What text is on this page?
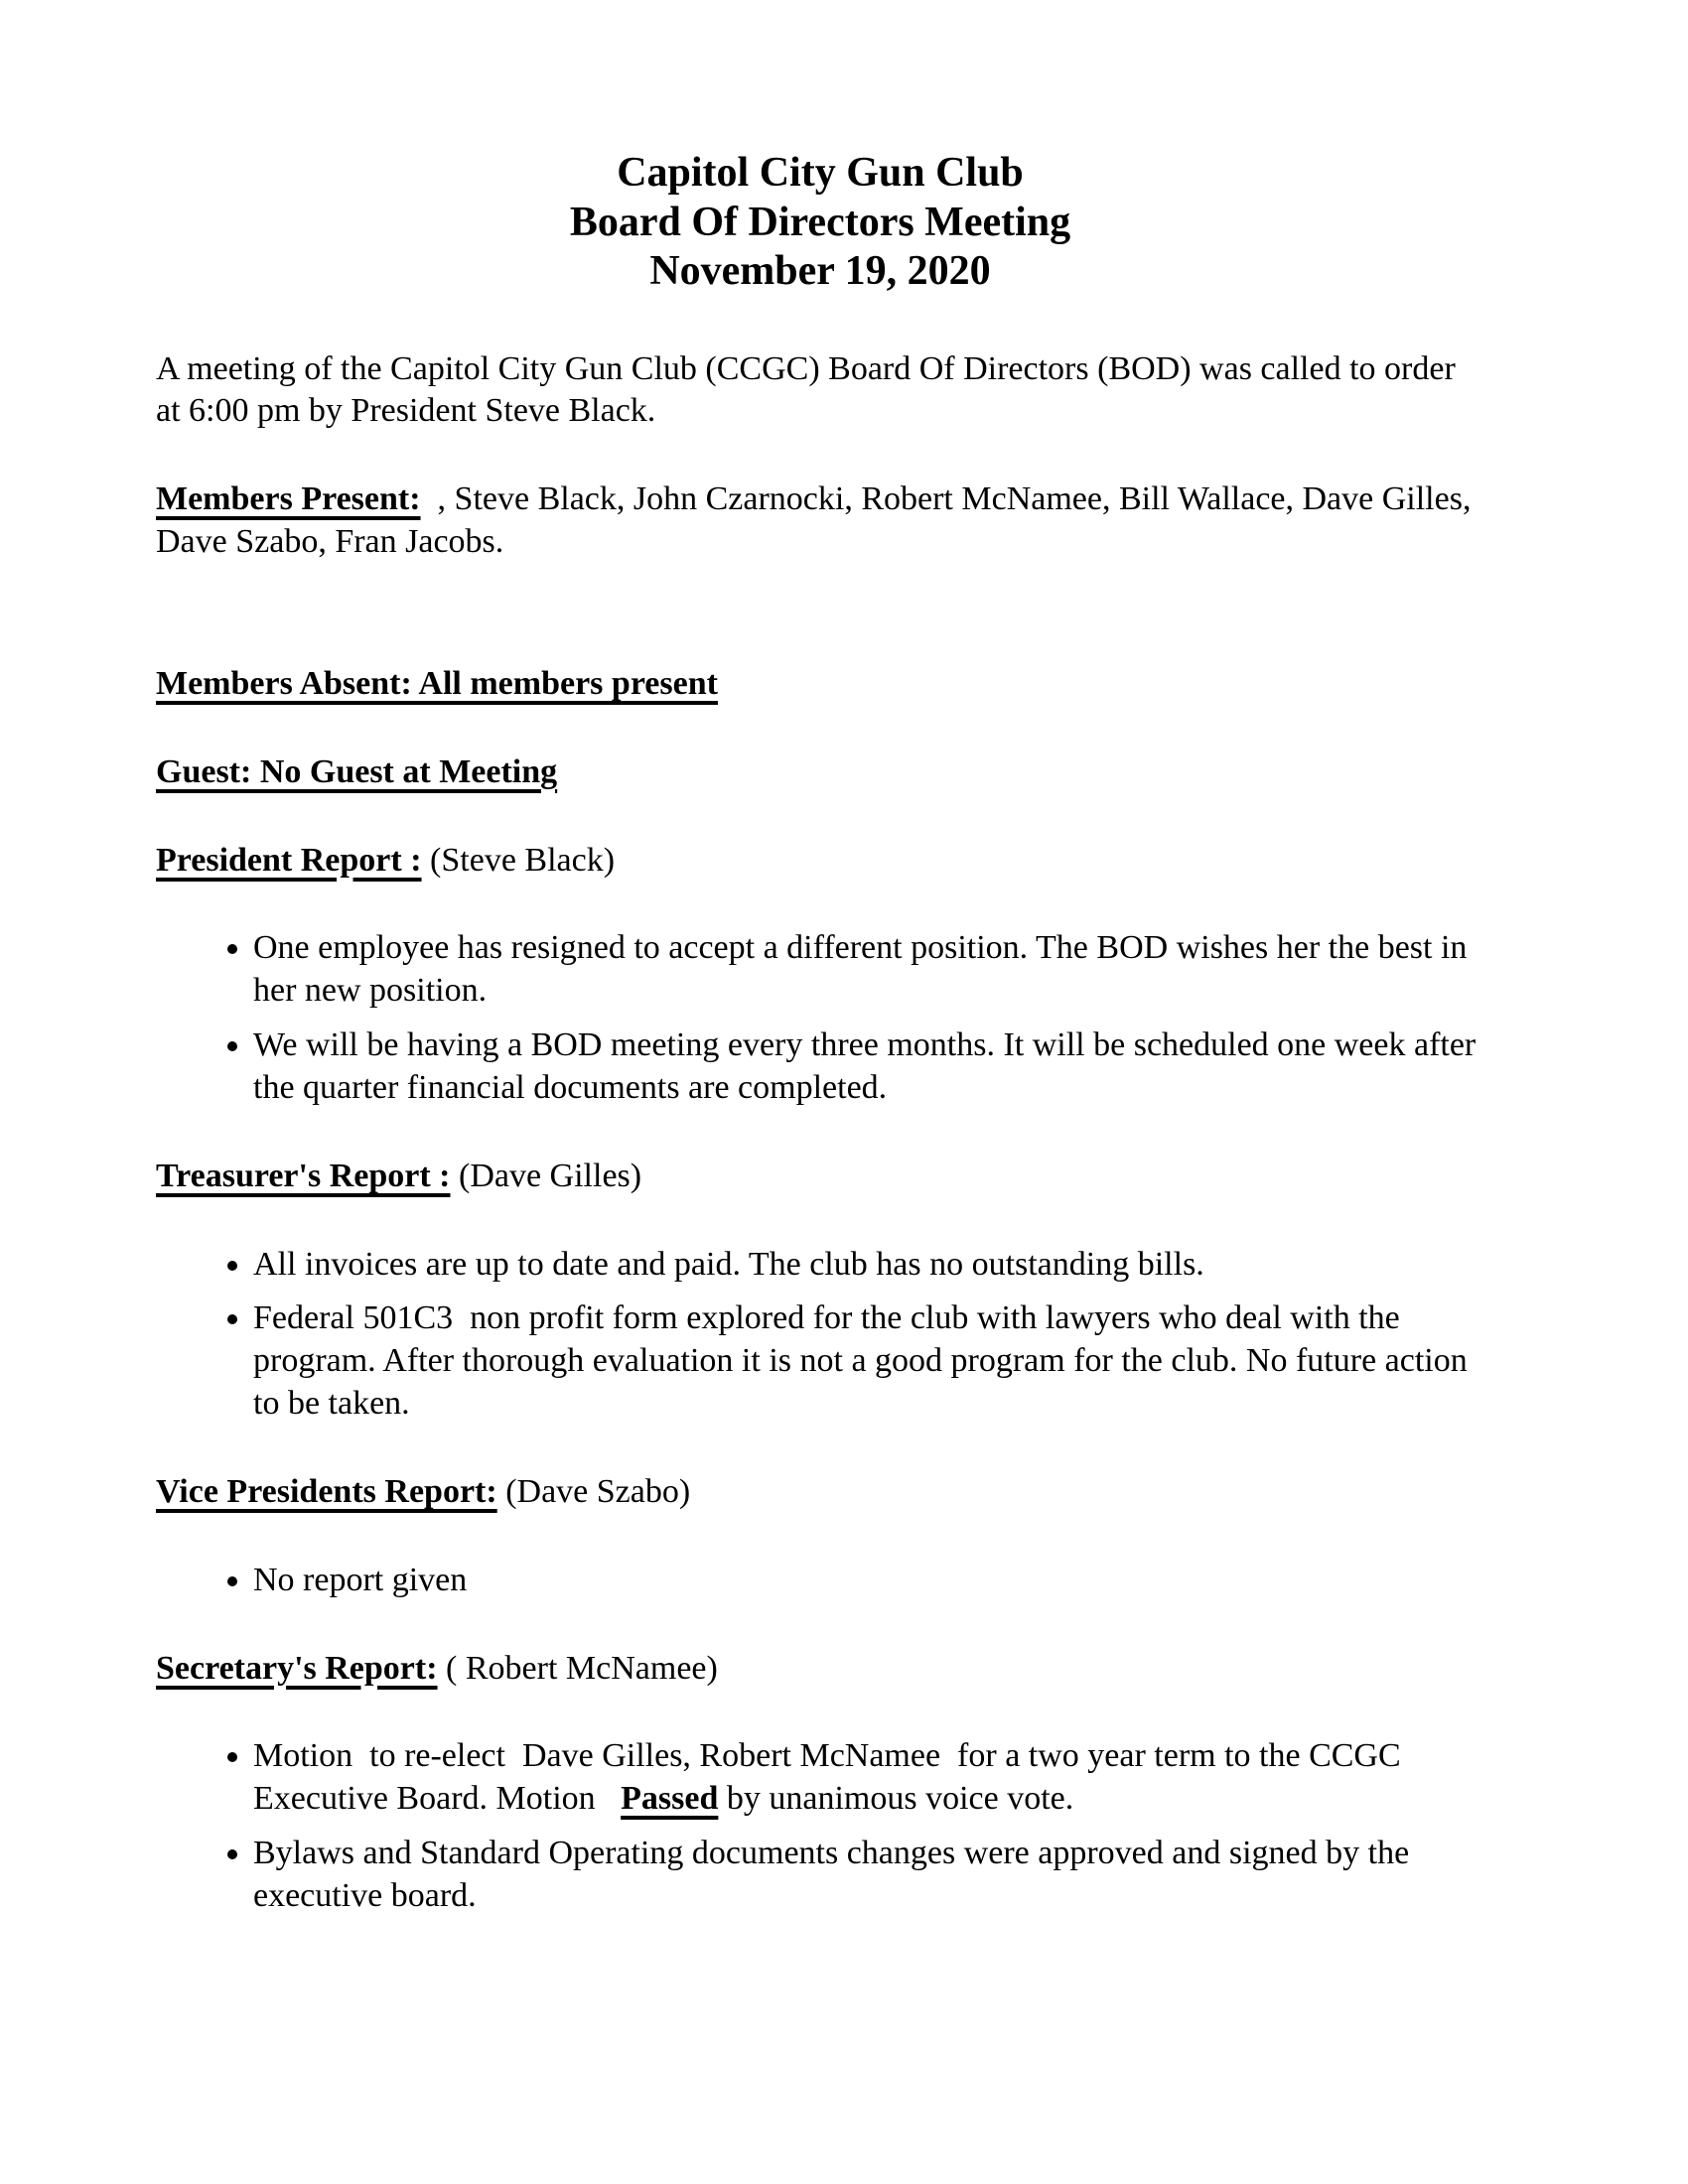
Capitol City Gun Club
Board Of Directors Meeting
November 19, 2020

A meeting of the Capitol City Gun Club (CCGC) Board Of Directors (BOD) was called to order at 6:00 pm by President Steve Black.

Members Present:  , Steve Black, John Czarnocki, Robert McNamee, Bill Wallace, Dave Gilles, Dave Szabo, Fran Jacobs.

Members Absent: All members present

Guest: No Guest at Meeting

President Report : (Steve Black)

• One employee has resigned to accept a different position. The BOD wishes her the best in her new position.
• We will be having a BOD meeting every three months. It will be scheduled one week after the quarter financial documents are completed.

Treasurer's Report : (Dave Gilles)

• All invoices are up to date and paid. The club has no outstanding bills.
• Federal 501C3  non profit form explored for the club with lawyers who deal with the program. After thorough evaluation it is not a good program for the club. No future action to be taken.

Vice Presidents Report: (Dave Szabo)

• No report given

Secretary's Report: ( Robert McNamee)

• Motion  to re-elect  Dave Gilles, Robert McNamee  for a two year term to the CCGC Executive Board. Motion   Passed by unanimous voice vote.
• Bylaws and Standard Operating documents changes were approved and signed by the executive board.
